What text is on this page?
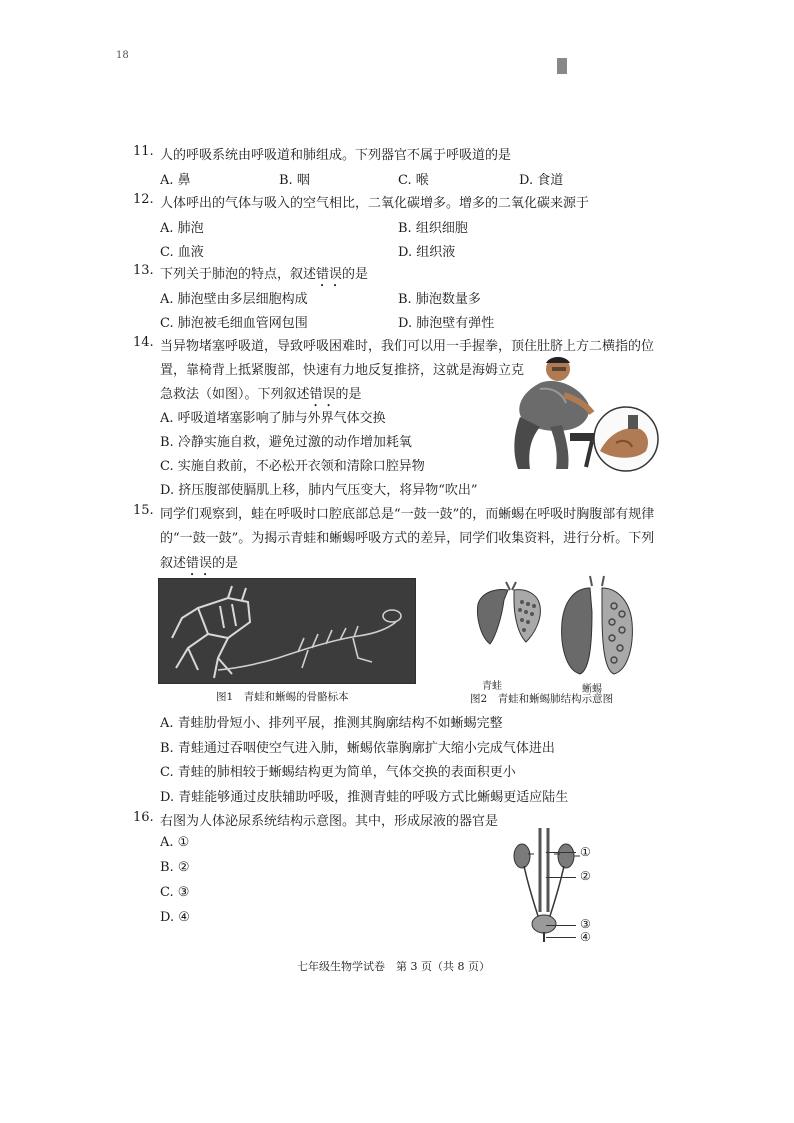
18
11. 人的呼吸系统由呼吸道和肺组成。下列器官不属于呼吸道的是
A. 鼻	B. 咽	C. 喉	D. 食道
12. 人体呼出的气体与吸入的空气相比，二氧化碳增多。增多的二氧化碳来源于
A. 肺泡	B. 组织细胞
C. 血液	D. 组织液
13. 下列关于肺泡的特点，叙述错误的是
A. 肺泡壁由多层细胞构成	B. 肺泡数量多
C. 肺泡被毛细血管网包围	D. 肺泡壁有弹性
14. 当异物堵塞呼吸道，导致呼吸困难时，我们可以用一手握拳，顶住肚脐上方二横指的位
置，靠椅背上抵紧腹部，快速有力地反复推挤，这就是海姆立克
急救法（如图）。下列叙述错误的是
A. 呼吸道堵塞影响了肺与外界气体交换
B. 冷静实施自救，避免过激的动作增加耗氧
C. 实施自救前，不必松开衣领和清除口腔异物
D. 挤压腹部使膈肌上移，肺内气压变大，将异物“吹出”
15. 同学们观察到，蛙在呼吸时口腔底部总是“一鼓一鼓”的，而蜥蜴在呼吸时胸腹部有规律
的“一鼓一鼓”。为揭示青蛙和蜥蜴呼吸方式的差异，同学们收集资料，进行分析。下列
叙述错误的是
图1　青蛙和蜥蜴的骨骼标本
青蛙	蜥蜴
图2　青蛙和蜥蜴肺结构示意图
A. 青蛙肋骨短小、排列平展，推测其胸廓结构不如蜥蜴完整
B. 青蛙通过吞咽使空气进入肺，蜥蜴依靠胸廓扩大缩小完成气体进出
C. 青蛙的肺相较于蜥蜴结构更为简单，气体交换的表面积更小
D. 青蛙能够通过皮肤辅助呼吸，推测青蛙的呼吸方式比蜥蜴更适应陆生
16. 右图为人体泌尿系统结构示意图。其中，形成尿液的器官是
A. ①
B. ②
C. ③
D. ④
①
②
③
④
七年级生物学试卷　第 3 页（共 8 页）
